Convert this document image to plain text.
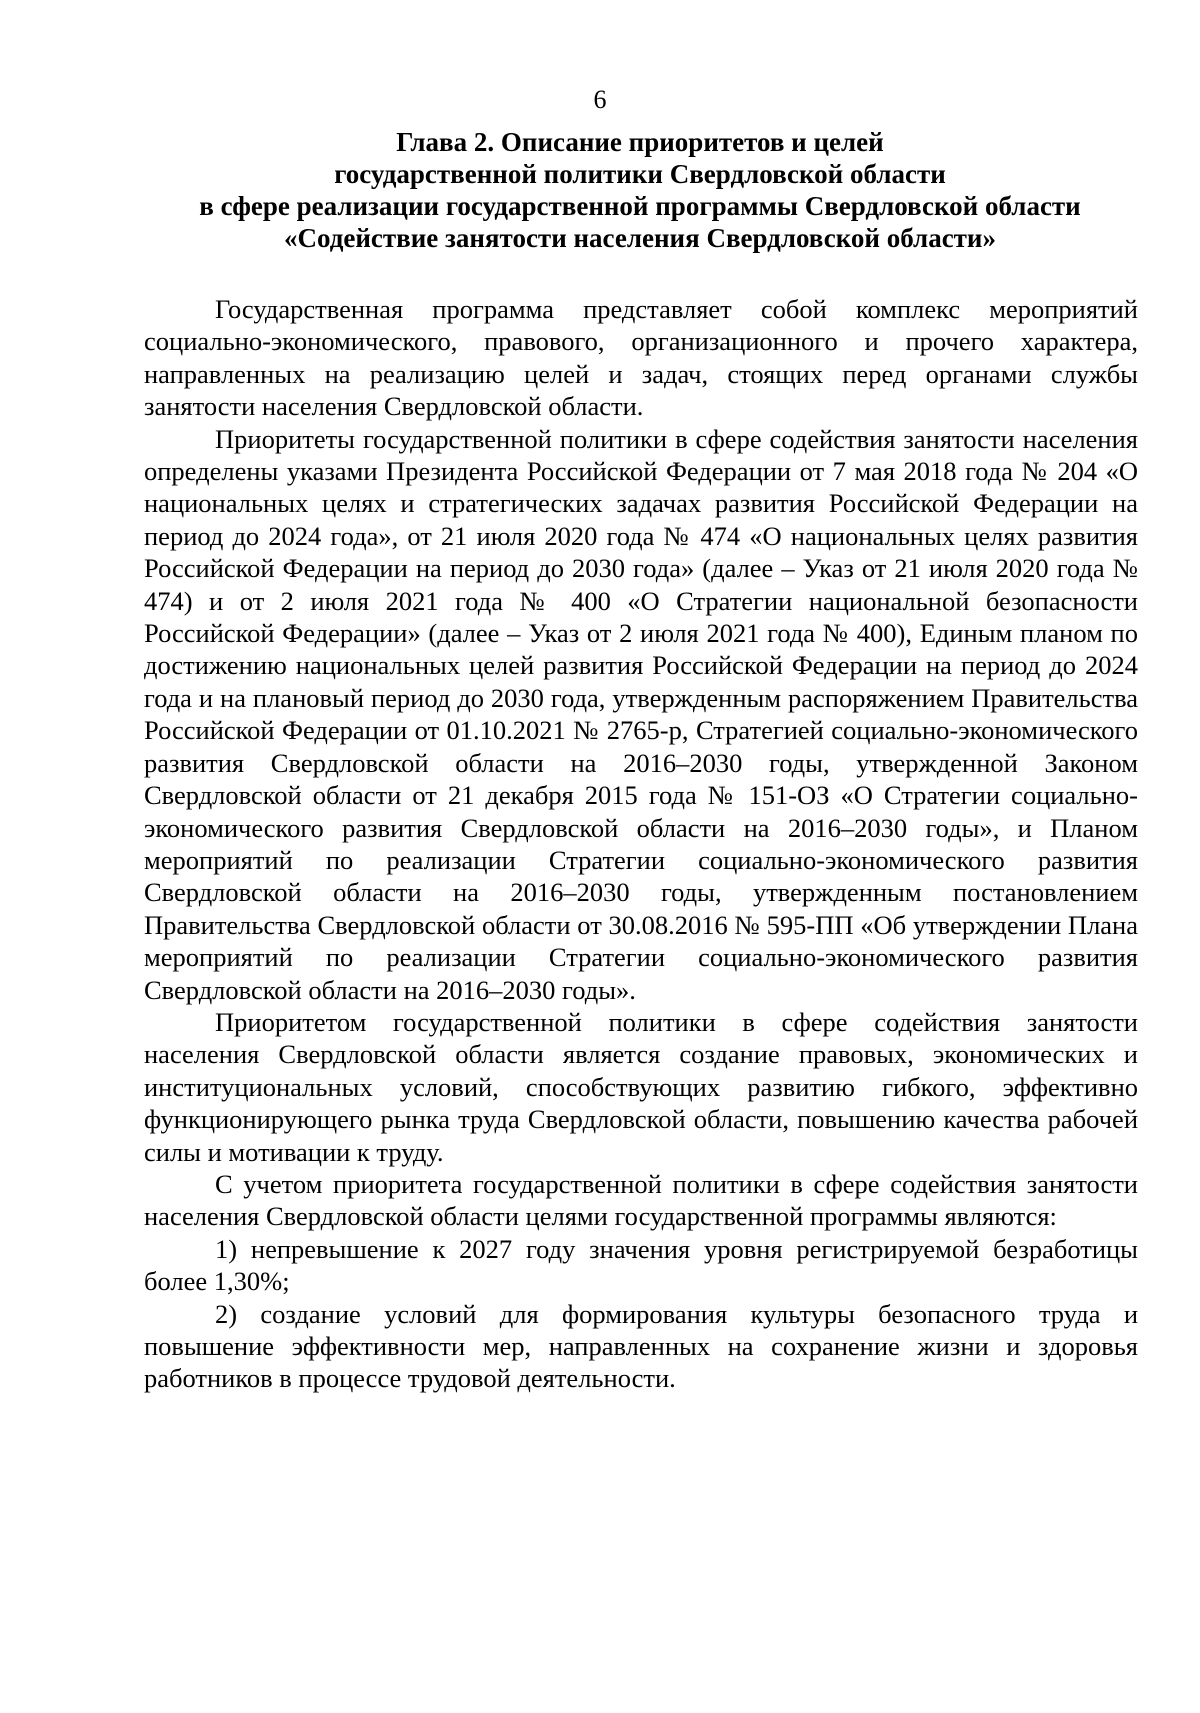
6
Глава 2. Описание приоритетов и целей
государственной политики Свердловской области
в сфере реализации государственной программы Свердловской области
«Содействие занятости населения Свердловской области»

Государственная программа представляет собой комплекс мероприятий социально-экономического, правового, организационного и прочего характера, направленных на реализацию целей и задач, стоящих перед органами службы занятости населения Свердловской области.

Приоритеты государственной политики в сфере содействия занятости населения определены указами Президента Российской Федерации от 7 мая 2018 года № 204 «О национальных целях и стратегических задачах развития Российской Федерации на период до 2024 года», от 21 июля 2020 года № 474 «О национальных целях развития Российской Федерации на период до 2030 года» (далее – Указ от 21 июля 2020 года № 474) и от 2 июля 2021 года № 400 «О Стратегии национальной безопасности Российской Федерации» (далее – Указ от 2 июля 2021 года № 400), Единым планом по достижению национальных целей развития Российской Федерации на период до 2024 года и на плановый период до 2030 года, утвержденным распоряжением Правительства Российской Федерации от 01.10.2021 № 2765-р, Стратегией социально-экономического развития Свердловской области на 2016–2030 годы, утвержденной Законом Свердловской области от 21 декабря 2015 года № 151-ОЗ «О Стратегии социально-экономического развития Свердловской области на 2016–2030 годы», и Планом мероприятий по реализации Стратегии социально-экономического развития Свердловской области на 2016–2030 годы, утвержденным постановлением Правительства Свердловской области от 30.08.2016 № 595-ПП «Об утверждении Плана мероприятий по реализации Стратегии социально-экономического развития Свердловской области на 2016–2030 годы».

Приоритетом государственной политики в сфере содействия занятости населения Свердловской области является создание правовых, экономических и институциональных условий, способствующих развитию гибкого, эффективно функционирующего рынка труда Свердловской области, повышению качества рабочей силы и мотивации к труду.

С учетом приоритета государственной политики в сфере содействия занятости населения Свердловской области целями государственной программы являются:

1) непревышение к 2027 году значения уровня регистрируемой безработицы более 1,30%;

2) создание условий для формирования культуры безопасного труда и повышение эффективности мер, направленных на сохранение жизни и здоровья работников в процессе трудовой деятельности.
